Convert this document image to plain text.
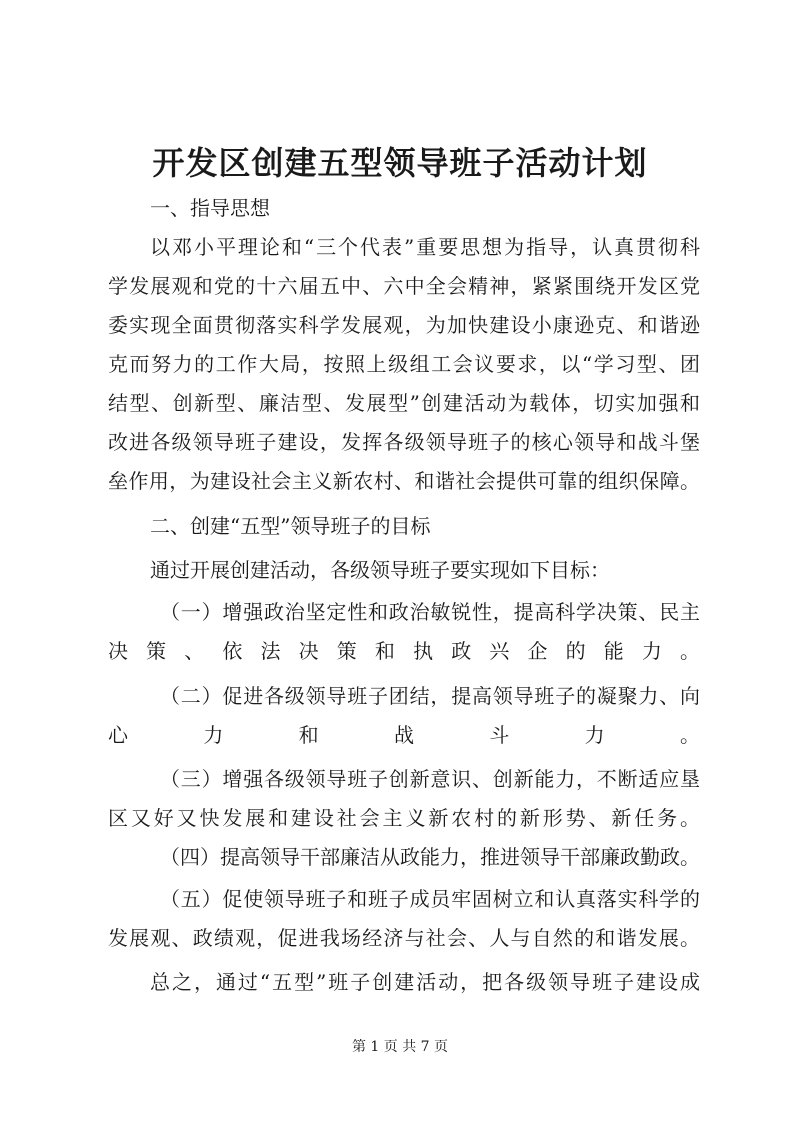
开发区创建五型领导班子活动计划

一、指导思想

以邓小平理论和“三个代表”重要思想为指导，认真贯彻科

学发展观和党的十六届五中、六中全会精神，紧紧围绕开发区党

委实现全面贯彻落实科学发展观，为加快建设小康逊克、和谐逊

克而努力的工作大局，按照上级组工会议要求，以“学习型、团

结型、创新型、廉洁型、发展型”创建活动为载体，切实加强和

改进各级领导班子建设，发挥各级领导班子的核心领导和战斗堡

垒作用，为建设社会主义新农村、和谐社会提供可靠的组织保障。

二、创建“五型”领导班子的目标

通过开展创建活动，各级领导班子要实现如下目标：

（一）增强政治坚定性和政治敏锐性，提高科学决策、民主

决策、依法决策和执政兴企的能力。

（二）促进各级领导班子团结，提高领导班子的凝聚力、向

心力和战斗力。

（三）增强各级领导班子创新意识、创新能力，不断适应垦

区又好又快发展和建设社会主义新农村的新形势、新任务。

（四）提高领导干部廉洁从政能力，推进领导干部廉政勤政。

（五）促使领导班子和班子成员牢固树立和认真落实科学的

发展观、政绩观，促进我场经济与社会、人与自然的和谐发展。

总之，通过“五型”班子创建活动，把各级领导班子建设成

第 1 页 共 7 页
